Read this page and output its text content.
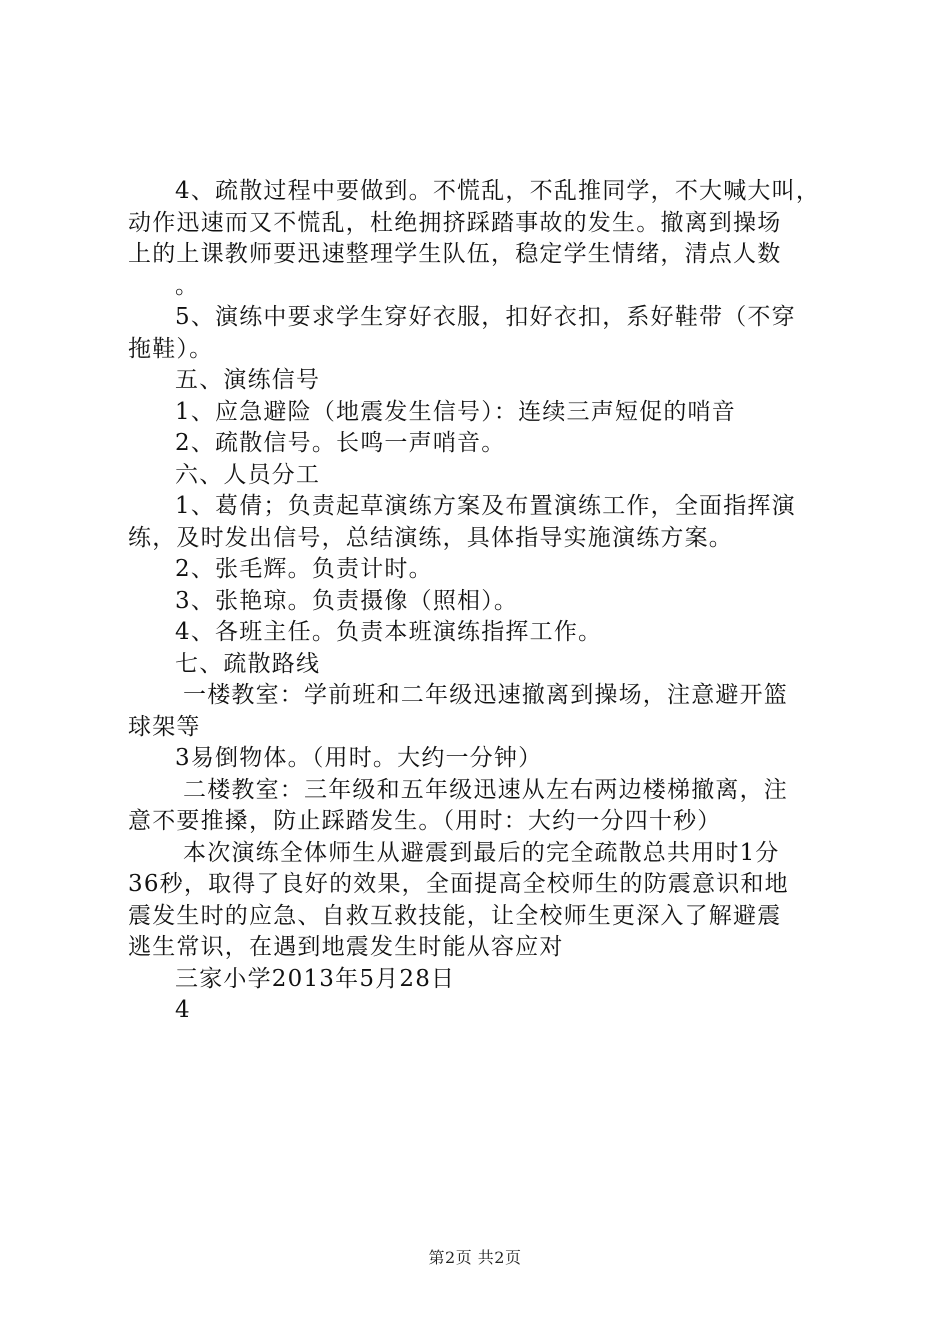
4、疏散过程中要做到。不慌乱，不乱推同学，不大喊大叫，
动作迅速而又不慌乱，杜绝拥挤踩踏事故的发生。撤离到操场
上的上课教师要迅速整理学生队伍，稳定学生情绪，清点人数
。
5、演练中要求学生穿好衣服，扣好衣扣，系好鞋带（不穿
拖鞋）。
五、演练信号
1、应急避险（地震发生信号）：连续三声短促的哨音
2、疏散信号。长鸣一声哨音。
六、人员分工
1、葛倩；负责起草演练方案及布置演练工作，全面指挥演
练，及时发出信号，总结演练，具体指导实施演练方案。
2、张毛辉。负责计时。
3、张艳琼。负责摄像（照相）。
4、各班主任。负责本班演练指挥工作。
七、疏散路线
一楼教室：学前班和二年级迅速撤离到操场，注意避开篮
球架等
3易倒物体。（用时。大约一分钟）
二楼教室：三年级和五年级迅速从左右两边楼梯撤离，注
意不要推搡，防止踩踏发生。（用时：大约一分四十秒）
本次演练全体师生从避震到最后的完全疏散总共用时1分
36秒，取得了良好的效果，全面提高全校师生的防震意识和地
震发生时的应急、自救互救技能，让全校师生更深入了解避震
逃生常识，在遇到地震发生时能从容应对
三家小学2013年5月28日
4
第2页 共2页
